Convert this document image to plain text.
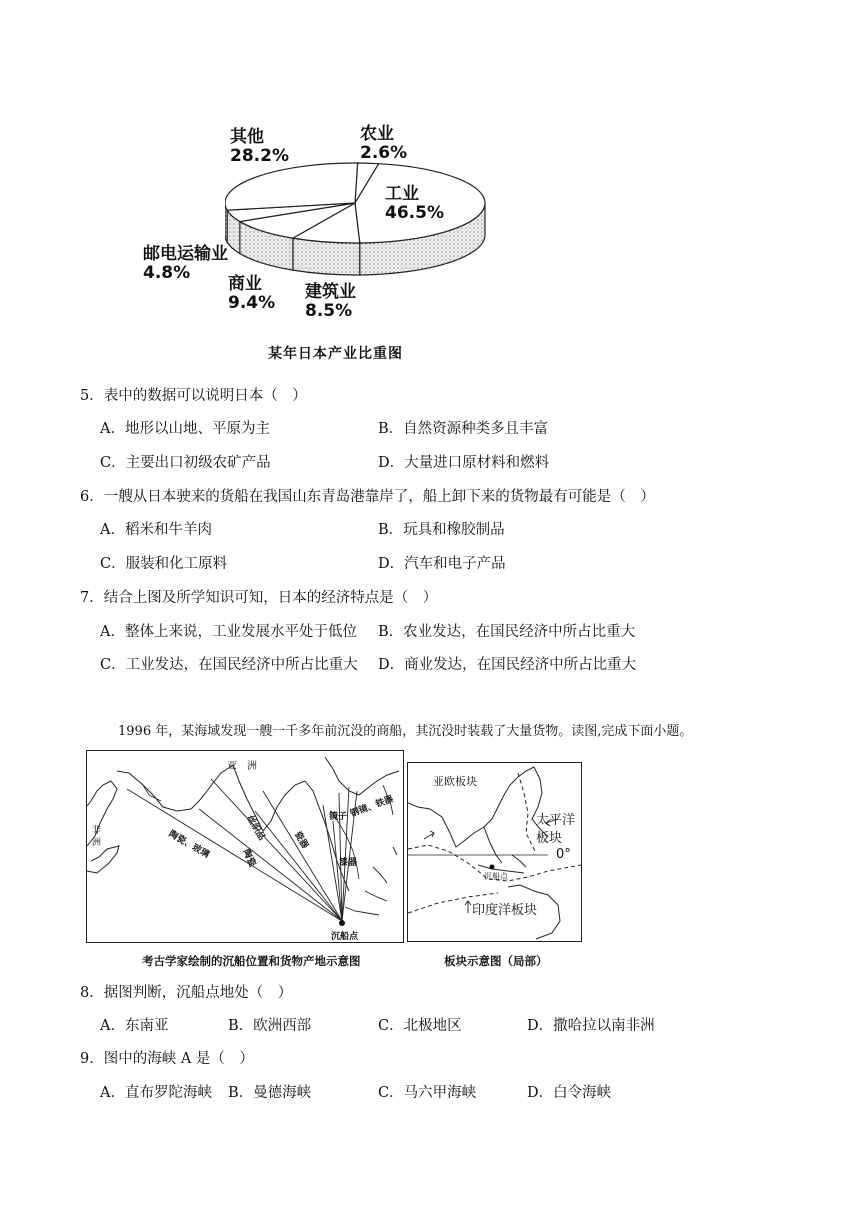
其他
28.2%
农业
2.6%
工业
46.5%
邮电运输业
4.8%
商业
9.4%
建筑业
8.5%
某年日本产业比重图
5．表中的数据可以说明日本（　）
A．地形以山地、平原为主	B．自然资源种类多且丰富
C．主要出口初级农矿产品	D．大量进口原材料和燃料
6．一艘从日本驶来的货船在我国山东青岛港靠岸了，船上卸下来的货物最有可能是（　）
A．稻米和牛羊肉	B．玩具和橡胶制品
C．服装和化工原料	D．汽车和电子产品
7．结合上图及所学知识可知，日本的经济特点是（　）
A．整体上来说，工业发展水平处于低位 B．农业发达，在国民经济中所占比重大
C．工业发达，在国民经济中所占比重大 D．商业发达，在国民经济中所占比重大
1996 年，某海域发现一艘一千多年前沉没的商船，其沉没时装载了大量货物。读图,完成下面小题。
亚　洲
非 洲	陶瓷、玻璃
丝织品
陶瓷
镜子 钢镜、铁器
瓷器
漆器
沉船点
考古学家绘制的沉船位置和货物产地示意图
亚欧板块
太平洋
板块
0°
沉船点
印度洋板块
板块示意图（局部）
8．据图判断，沉船点地处（　）
A．东南亚	B．欧洲西部	C．北极地区	D．撒哈拉以南非洲
9．图中的海峡 A 是（　）
A．直布罗陀海峡 B．曼德海峡	C．马六甲海峡	D．白令海峡
